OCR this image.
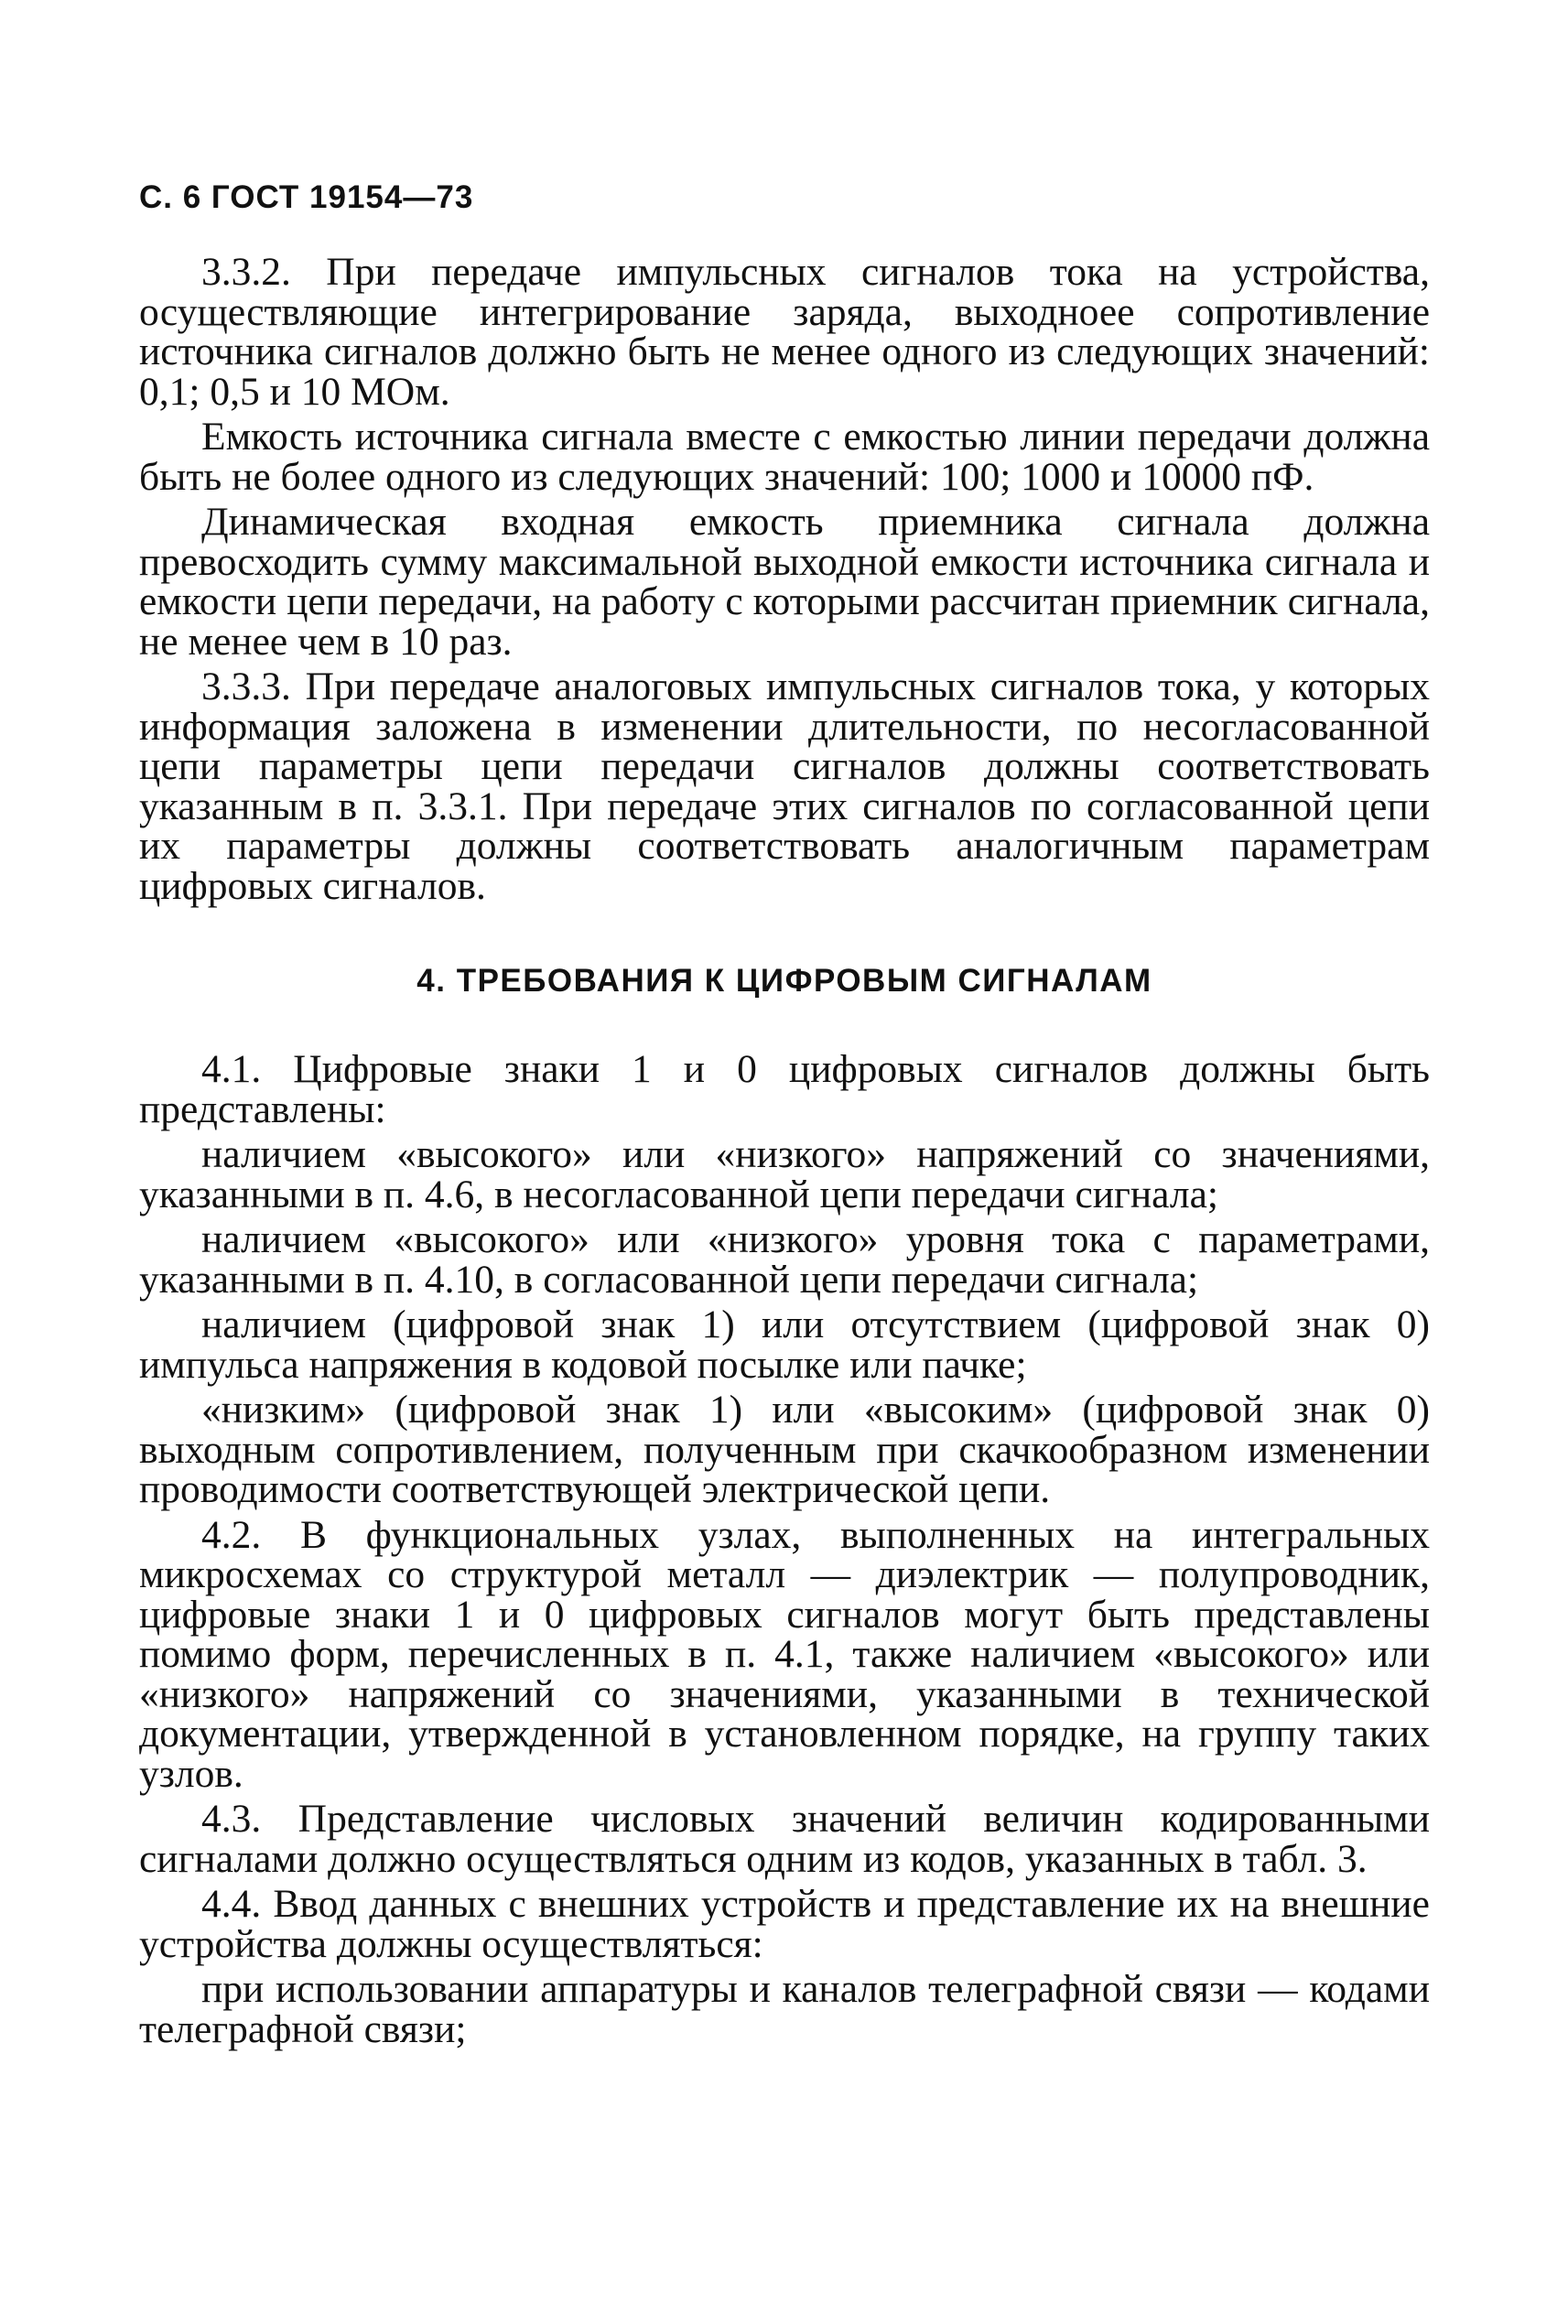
С. 6 ГОСТ 19154—73

3.3.2. При передаче импульсных сигналов тока на устройства, осуществляющие интегрирование заряда, выходноее сопротивление источника сигналов должно быть не менее одного из следующих значений: 0,1; 0,5 и 10 МОм.

Емкость источника сигнала вместе с емкостью линии передачи должна быть не более одного из следующих значений: 100; 1000 и 10000 пФ.

Динамическая входная емкость приемника сигнала должна превосходить сумму максимальной выходной емкости источника сигнала и емкости цепи передачи, на работу с которыми рассчитан приемник сигнала, не менее чем в 10 раз.

3.3.3. При передаче аналоговых импульсных сигналов тока, у которых информация заложена в изменении длительности, по несогласованной цепи параметры цепи передачи сигналов должны соответствовать указанным в п. 3.3.1. При передаче этих сигналов по согласованной цепи их параметры должны соответствовать аналогичным параметрам цифровых сигналов.

4. ТРЕБОВАНИЯ К ЦИФРОВЫМ СИГНАЛАМ

4.1. Цифровые знаки 1 и 0 цифровых сигналов должны быть представлены:

наличием «высокого» или «низкого» напряжений со значениями, указанными в п. 4.6, в несогласованной цепи передачи сигнала;

наличием «высокого» или «низкого» уровня тока с параметрами, указанными в п. 4.10, в согласованной цепи передачи сигнала;

наличием (цифровой знак 1) или отсутствием (цифровой знак 0) импульса напряжения в кодовой посылке или пачке;

«низким» (цифровой знак 1) или «высоким» (цифровой знак 0) выходным сопротивлением, полученным при скачкообразном изменении проводимости соответствующей электрической цепи.

4.2. В функциональных узлах, выполненных на интегральных микросхемах со структурой металл — диэлектрик — полупроводник, цифровые знаки 1 и 0 цифровых сигналов могут быть представлены помимо форм, перечисленных в п. 4.1, также наличием «высокого» или «низкого» напряжений со значениями, указанными в технической документации, утвержденной в установленном порядке, на группу таких узлов.

4.3. Представление числовых значений величин кодированными сигналами должно осуществляться одним из кодов, указанных в табл. 3.

4.4. Ввод данных с внешних устройств и представление их на внешние устройства должны осуществляться:

при использовании аппаратуры и каналов телеграфной связи — кодами телеграфной связи;
